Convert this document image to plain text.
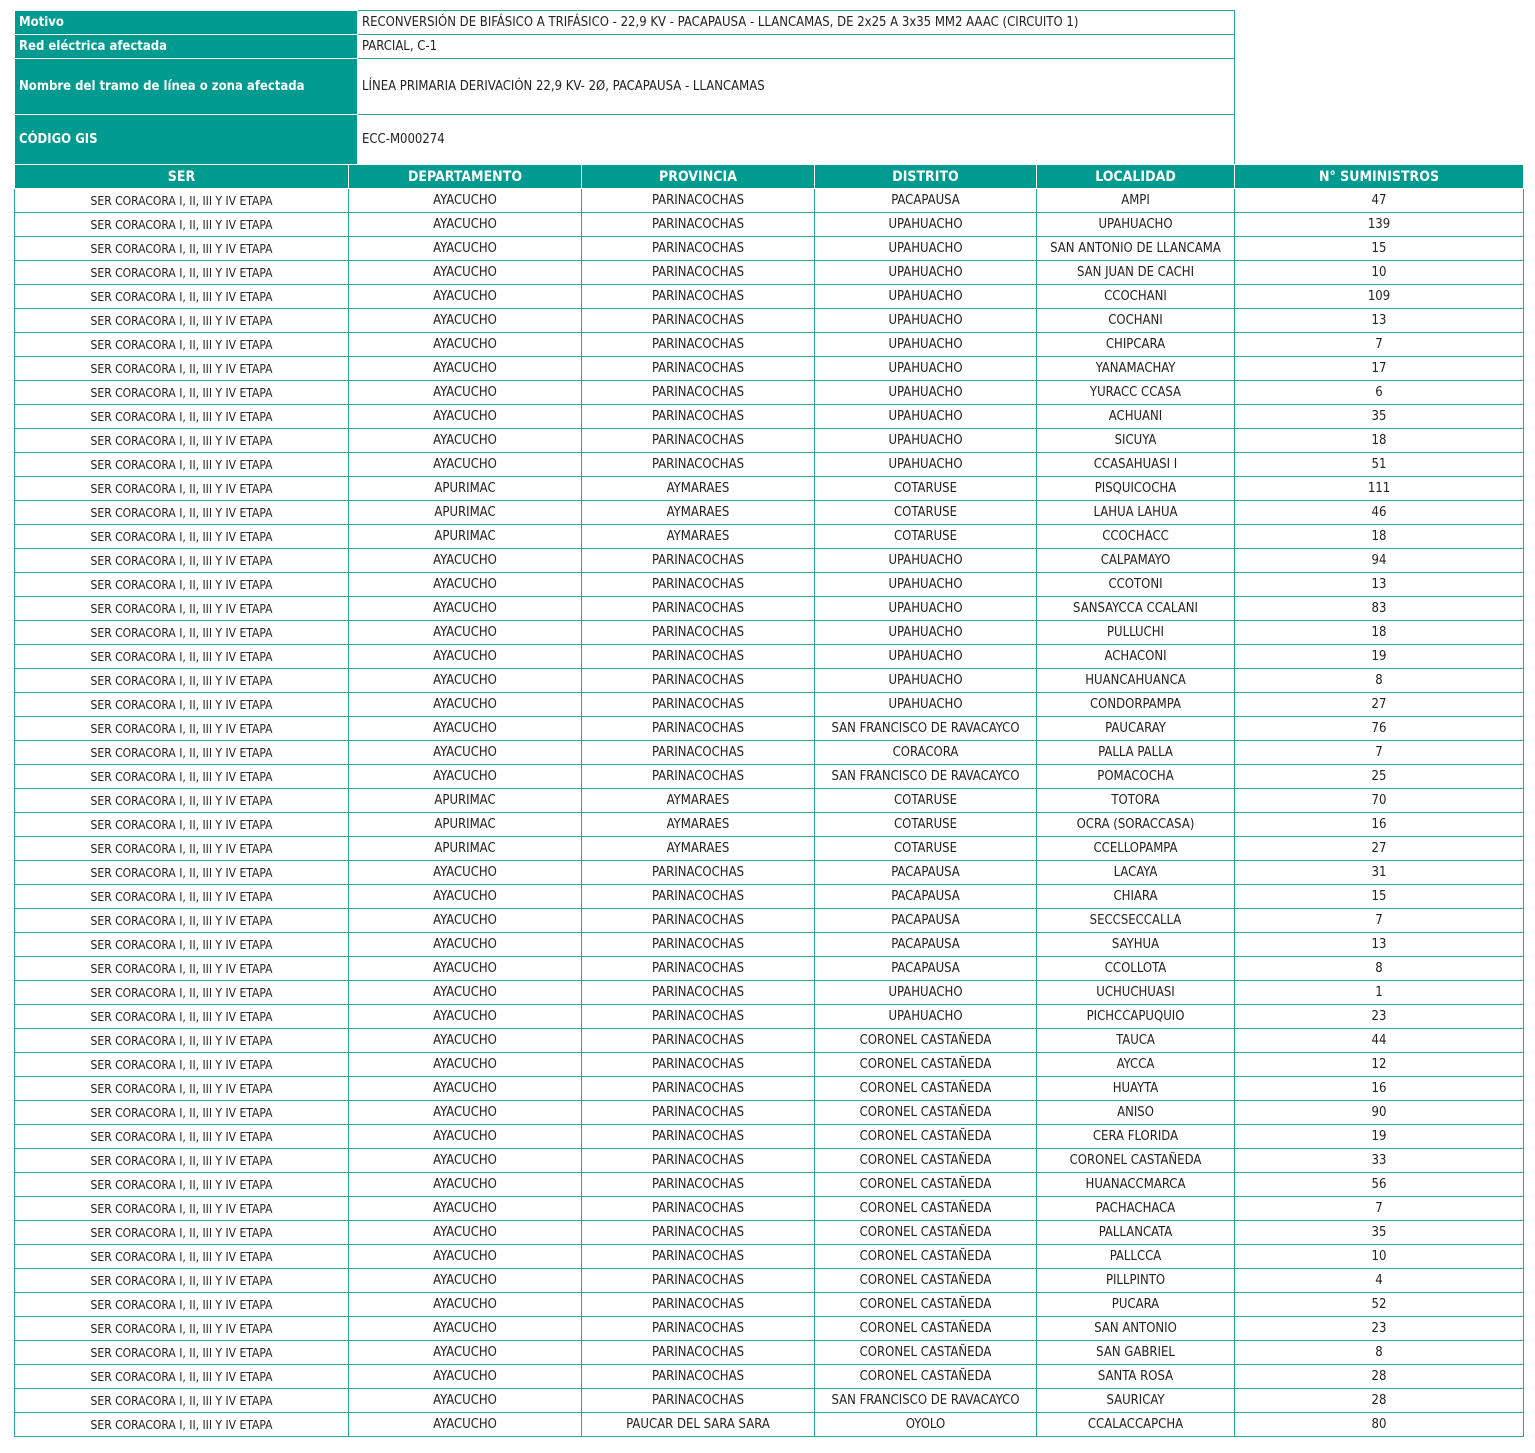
Motivo	RECONVERSIÓN DE BIFÁSICO A TRIFÁSICO - 22,9 KV - PACAPAUSA - LLANCAMAS, DE 2x25 A 3x35 MM2 AAAC (CIRCUITO 1)
Red eléctrica afectada	PARCIAL, C-1
Nombre del tramo de línea o zona afectada	LÍNEA PRIMARIA DERIVACIÓN 22,9 KV- 2Ø, PACAPAUSA - LLANCAMAS
CÓDIGO GIS	ECC-M000274
SER	DEPARTAMENTO	PROVINCIA	DISTRITO	LOCALIDAD	N° SUMINISTROS
SER CORACORA I, II, III Y IV ETAPA	AYACUCHO	PARINACOCHAS	PACAPAUSA	AMPI	47
SER CORACORA I, II, III Y IV ETAPA	AYACUCHO	PARINACOCHAS	UPAHUACHO	UPAHUACHO	139
SER CORACORA I, II, III Y IV ETAPA	AYACUCHO	PARINACOCHAS	UPAHUACHO	SAN ANTONIO DE LLANCAMA	15
SER CORACORA I, II, III Y IV ETAPA	AYACUCHO	PARINACOCHAS	UPAHUACHO	SAN JUAN DE CACHI	10
SER CORACORA I, II, III Y IV ETAPA	AYACUCHO	PARINACOCHAS	UPAHUACHO	CCOCHANI	109
SER CORACORA I, II, III Y IV ETAPA	AYACUCHO	PARINACOCHAS	UPAHUACHO	COCHANI	13
SER CORACORA I, II, III Y IV ETAPA	AYACUCHO	PARINACOCHAS	UPAHUACHO	CHIPCARA	7
SER CORACORA I, II, III Y IV ETAPA	AYACUCHO	PARINACOCHAS	UPAHUACHO	YANAMACHAY	17
SER CORACORA I, II, III Y IV ETAPA	AYACUCHO	PARINACOCHAS	UPAHUACHO	YURACC CCASA	6
SER CORACORA I, II, III Y IV ETAPA	AYACUCHO	PARINACOCHAS	UPAHUACHO	ACHUANI	35
SER CORACORA I, II, III Y IV ETAPA	AYACUCHO	PARINACOCHAS	UPAHUACHO	SICUYA	18
SER CORACORA I, II, III Y IV ETAPA	AYACUCHO	PARINACOCHAS	UPAHUACHO	CCASAHUASI I	51
SER CORACORA I, II, III Y IV ETAPA	APURIMAC	AYMARAES	COTARUSE	PISQUICOCHA	111
SER CORACORA I, II, III Y IV ETAPA	APURIMAC	AYMARAES	COTARUSE	LAHUA LAHUA	46
SER CORACORA I, II, III Y IV ETAPA	APURIMAC	AYMARAES	COTARUSE	CCOCHACC	18
SER CORACORA I, II, III Y IV ETAPA	AYACUCHO	PARINACOCHAS	UPAHUACHO	CALPAMAYO	94
SER CORACORA I, II, III Y IV ETAPA	AYACUCHO	PARINACOCHAS	UPAHUACHO	CCOTONI	13
SER CORACORA I, II, III Y IV ETAPA	AYACUCHO	PARINACOCHAS	UPAHUACHO	SANSAYCCA CCALANI	83
SER CORACORA I, II, III Y IV ETAPA	AYACUCHO	PARINACOCHAS	UPAHUACHO	PULLUCHI	18
SER CORACORA I, II, III Y IV ETAPA	AYACUCHO	PARINACOCHAS	UPAHUACHO	ACHACONI	19
SER CORACORA I, II, III Y IV ETAPA	AYACUCHO	PARINACOCHAS	UPAHUACHO	HUANCAHUANCA	8
SER CORACORA I, II, III Y IV ETAPA	AYACUCHO	PARINACOCHAS	UPAHUACHO	CONDORPAMPA	27
SER CORACORA I, II, III Y IV ETAPA	AYACUCHO	PARINACOCHAS	SAN FRANCISCO DE RAVACAYCO	PAUCARAY	76
SER CORACORA I, II, III Y IV ETAPA	AYACUCHO	PARINACOCHAS	CORACORA	PALLA PALLA	7
SER CORACORA I, II, III Y IV ETAPA	AYACUCHO	PARINACOCHAS	SAN FRANCISCO DE RAVACAYCO	POMACOCHA	25
SER CORACORA I, II, III Y IV ETAPA	APURIMAC	AYMARAES	COTARUSE	TOTORA	70
SER CORACORA I, II, III Y IV ETAPA	APURIMAC	AYMARAES	COTARUSE	OCRA (SORACCASA)	16
SER CORACORA I, II, III Y IV ETAPA	APURIMAC	AYMARAES	COTARUSE	CCELLOPAMPA	27
SER CORACORA I, II, III Y IV ETAPA	AYACUCHO	PARINACOCHAS	PACAPAUSA	LACAYA	31
SER CORACORA I, II, III Y IV ETAPA	AYACUCHO	PARINACOCHAS	PACAPAUSA	CHIARA	15
SER CORACORA I, II, III Y IV ETAPA	AYACUCHO	PARINACOCHAS	PACAPAUSA	SECCSECCALLA	7
SER CORACORA I, II, III Y IV ETAPA	AYACUCHO	PARINACOCHAS	PACAPAUSA	SAYHUA	13
SER CORACORA I, II, III Y IV ETAPA	AYACUCHO	PARINACOCHAS	PACAPAUSA	CCOLLOTA	8
SER CORACORA I, II, III Y IV ETAPA	AYACUCHO	PARINACOCHAS	UPAHUACHO	UCHUCHUASI	1
SER CORACORA I, II, III Y IV ETAPA	AYACUCHO	PARINACOCHAS	UPAHUACHO	PICHCCAPUQUIO	23
SER CORACORA I, II, III Y IV ETAPA	AYACUCHO	PARINACOCHAS	CORONEL CASTAÑEDA	TAUCA	44
SER CORACORA I, II, III Y IV ETAPA	AYACUCHO	PARINACOCHAS	CORONEL CASTAÑEDA	AYCCA	12
SER CORACORA I, II, III Y IV ETAPA	AYACUCHO	PARINACOCHAS	CORONEL CASTAÑEDA	HUAYTA	16
SER CORACORA I, II, III Y IV ETAPA	AYACUCHO	PARINACOCHAS	CORONEL CASTAÑEDA	ANISO	90
SER CORACORA I, II, III Y IV ETAPA	AYACUCHO	PARINACOCHAS	CORONEL CASTAÑEDA	CERA FLORIDA	19
SER CORACORA I, II, III Y IV ETAPA	AYACUCHO	PARINACOCHAS	CORONEL CASTAÑEDA	CORONEL CASTAÑEDA	33
SER CORACORA I, II, III Y IV ETAPA	AYACUCHO	PARINACOCHAS	CORONEL CASTAÑEDA	HUANACCMARCA	56
SER CORACORA I, II, III Y IV ETAPA	AYACUCHO	PARINACOCHAS	CORONEL CASTAÑEDA	PACHACHACA	7
SER CORACORA I, II, III Y IV ETAPA	AYACUCHO	PARINACOCHAS	CORONEL CASTAÑEDA	PALLANCATA	35
SER CORACORA I, II, III Y IV ETAPA	AYACUCHO	PARINACOCHAS	CORONEL CASTAÑEDA	PALLCCA	10
SER CORACORA I, II, III Y IV ETAPA	AYACUCHO	PARINACOCHAS	CORONEL CASTAÑEDA	PILLPINTO	4
SER CORACORA I, II, III Y IV ETAPA	AYACUCHO	PARINACOCHAS	CORONEL CASTAÑEDA	PUCARA	52
SER CORACORA I, II, III Y IV ETAPA	AYACUCHO	PARINACOCHAS	CORONEL CASTAÑEDA	SAN ANTONIO	23
SER CORACORA I, II, III Y IV ETAPA	AYACUCHO	PARINACOCHAS	CORONEL CASTAÑEDA	SAN GABRIEL	8
SER CORACORA I, II, III Y IV ETAPA	AYACUCHO	PARINACOCHAS	CORONEL CASTAÑEDA	SANTA ROSA	28
SER CORACORA I, II, III Y IV ETAPA	AYACUCHO	PARINACOCHAS	SAN FRANCISCO DE RAVACAYCO	SAURICAY	28
SER CORACORA I, II, III Y IV ETAPA	AYACUCHO	PAUCAR DEL SARA SARA	OYOLO	CCALACCAPCHA	80
